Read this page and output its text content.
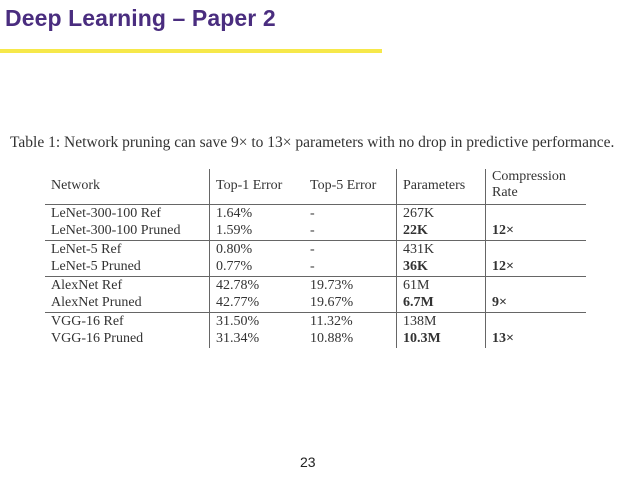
Deep Learning – Paper 2
Table 1: Network pruning can save 9× to 13× parameters with no drop in predictive performance.
Network	Top-1 Error	Top-5 Error	Parameters	Compression
Rate
LeNet-300-100 Ref	1.64%	-	267K	
LeNet-300-100 Pruned	1.59%	-	22K	12×
LeNet-5 Ref	0.80%	-	431K	
LeNet-5 Pruned	0.77%	-	36K	12×
AlexNet Ref	42.78%	19.73%	61M	
AlexNet Pruned	42.77%	19.67%	6.7M	9×
VGG-16 Ref	31.50%	11.32%	138M	
VGG-16 Pruned	31.34%	10.88%	10.3M	13×
23
